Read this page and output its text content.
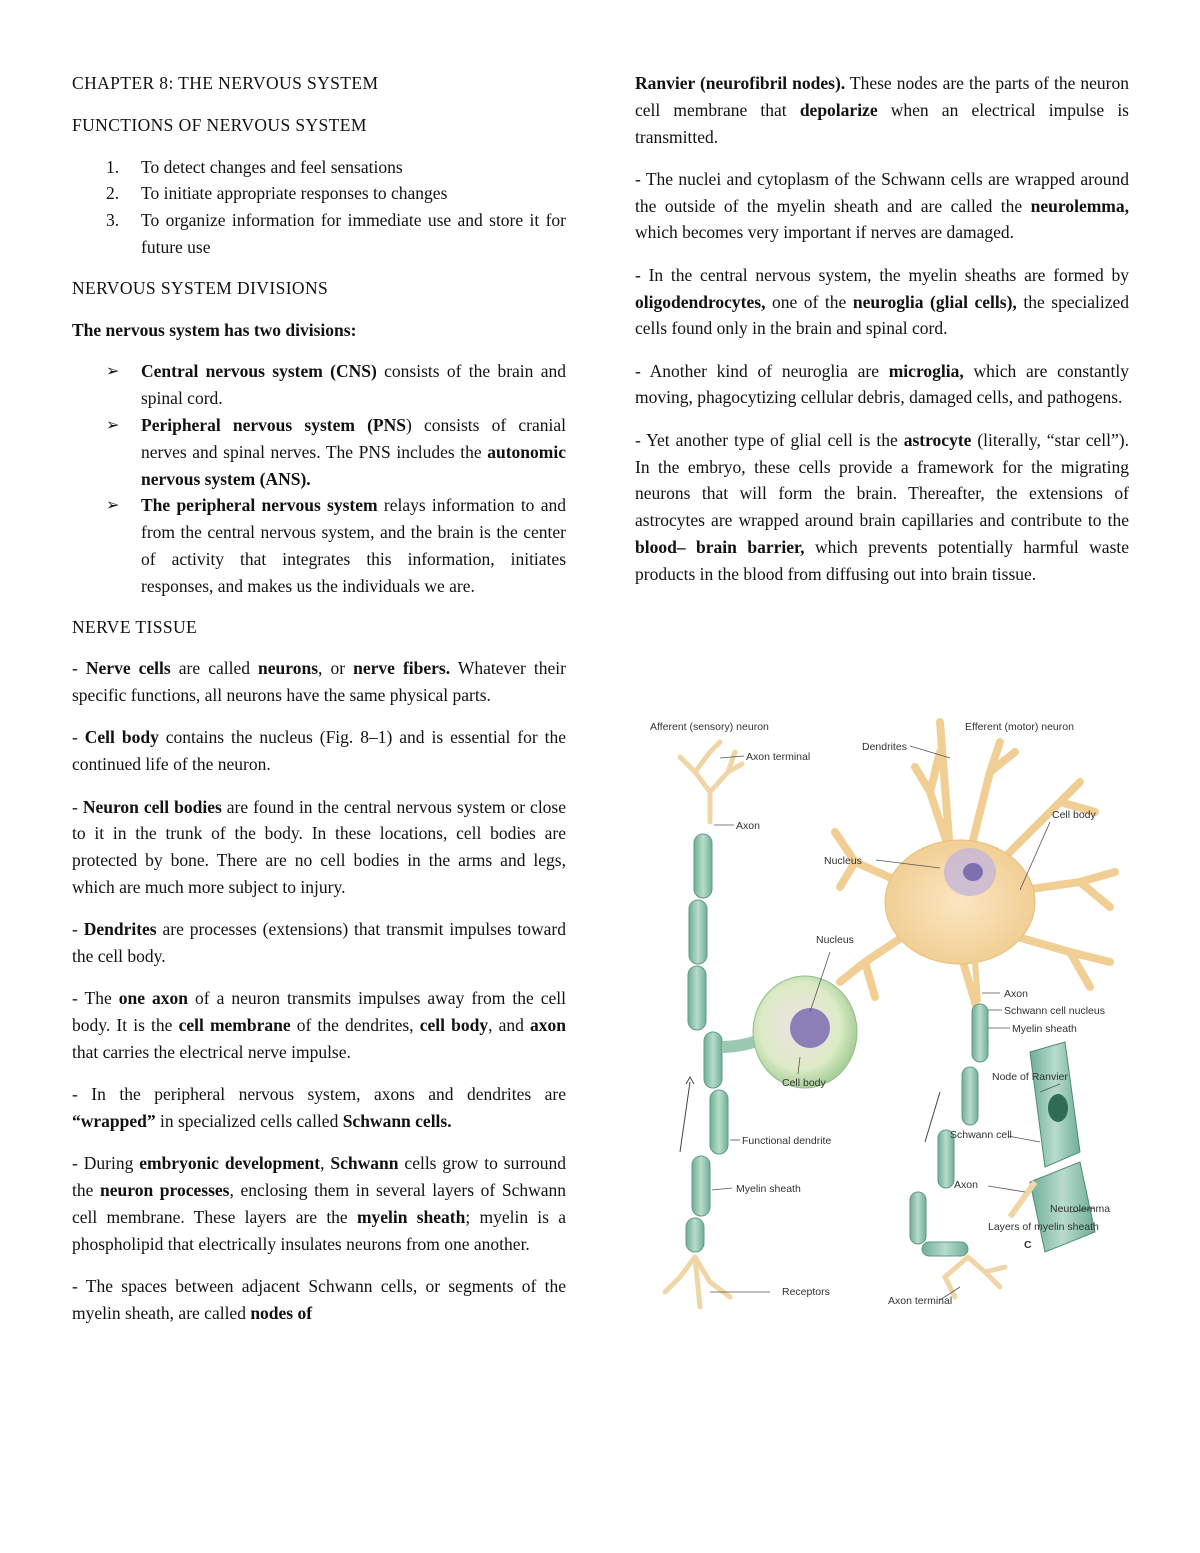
CHAPTER 8: THE NERVOUS SYSTEM
FUNCTIONS OF NERVOUS SYSTEM
1. To detect changes and feel sensations
2. To initiate appropriate responses to changes
3. To organize information for immediate use and store it for future use
NERVOUS SYSTEM DIVISIONS
The nervous system has two divisions:
➢ Central nervous system (CNS) consists of the brain and spinal cord.
➢ Peripheral nervous system (PNS) consists of cranial nerves and spinal nerves. The PNS includes the autonomic nervous system (ANS).
➢ The peripheral nervous system relays information to and from the central nervous system, and the brain is the center of activity that integrates this information, initiates responses, and makes us the individuals we are.
NERVE TISSUE

- Nerve cells are called neurons, or nerve fibers. Whatever their specific functions, all neurons have the same physical parts.

- Cell body contains the nucleus (Fig. 8–1) and is essential for the continued life of the neuron.

- Neuron cell bodies are found in the central nervous system or close to it in the trunk of the body. In these locations, cell bodies are protected by bone. There are no cell bodies in the arms and legs, which are much more subject to injury.

- Dendrites are processes (extensions) that transmit impulses toward the cell body.

- The one axon of a neuron transmits impulses away from the cell body. It is the cell membrane of the dendrites, cell body, and axon that carries the electrical nerve impulse.

- In the peripheral nervous system, axons and dendrites are “wrapped” in specialized cells called Schwann cells.

- During embryonic development, Schwann cells grow to surround the neuron processes, enclosing them in several layers of Schwann cell membrane. These layers are the myelin sheath; myelin is a phospholipid that electrically insulates neurons from one another.

- The spaces between adjacent Schwann cells, or segments of the myelin sheath, are called nodes of

Ranvier (neurofibril nodes). These nodes are the parts of the neuron cell membrane that depolarize when an electrical impulse is transmitted.

- The nuclei and cytoplasm of the Schwann cells are wrapped around the outside of the myelin sheath and are called the neurolemma, which becomes very important if nerves are damaged.

- In the central nervous system, the myelin sheaths are formed by oligodendrocytes, one of the neuroglia (glial cells), the specialized cells found only in the brain and spinal cord.

- Another kind of neuroglia are microglia, which are constantly moving, phagocytizing cellular debris, damaged cells, and pathogens.

- Yet another type of glial cell is the astrocyte (literally, “star cell”). In the embryo, these cells provide a framework for the migrating neurons that will form the brain. Thereafter, the extensions of astrocytes are wrapped around brain capillaries and contribute to the blood– brain barrier, which prevents potentially harmful waste products in the blood from diffusing out into brain tissue.

Afferent (sensory) neuron	Efferent (motor) neuron
Axon terminal
Axon
Nucleus
Cell body
Functional dendrite
Myelin sheath
Receptors
Dendrites
Cell body
Nucleus
Axon
Schwann cell nucleus
Myelin sheath
Node of Ranvier
Schwann cell
Axon
Neurolemma
Layers of myelin sheath
C
Axon terminal
